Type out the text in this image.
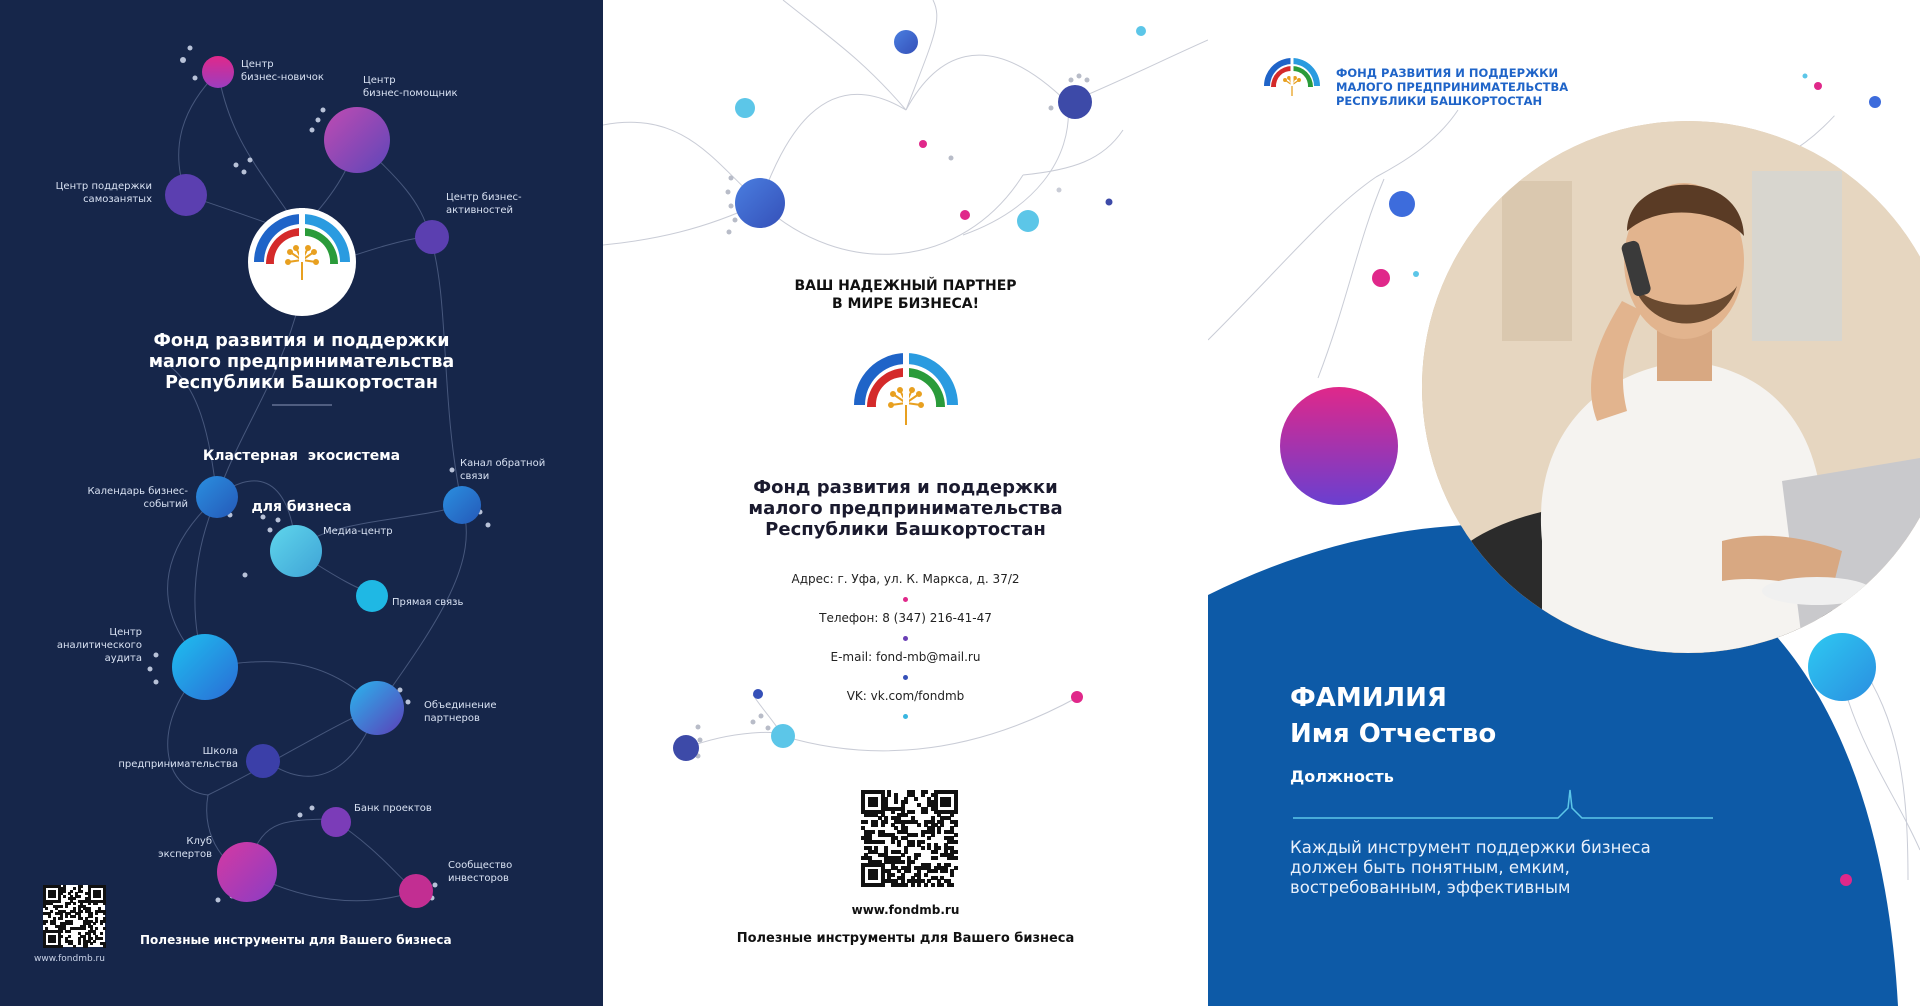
Центр
бизнес-новичок	Центр
бизнес-помощник
Центр поддержки
самозанятых	Центр бизнес-
активностей
Календарь бизнес-
событий
Канал обратной
связи
Медиа-центр
Прямая связь
Центр
аналитического
аудита
Объединение
партнеров
Школа
предпринимательства
Банк проектов
Клуб
экспертов
Сообщество
инвесторов
Фонд развития и поддержки
малого предпринимательства
Республики Башкортостан

Кластерная  экосистема

для бизнеса

www.fondmb.ru
Полезные инструменты для Вашего бизнеса
ВАШ НАДЕЖНЫЙ ПАРТНЕР
В МИРЕ БИЗНЕСА!
Фонд развития и поддержки
малого предпринимательства
Республики Башкортостан
Адрес: г. Уфа, ул. К. Маркса, д. 37/2
Телефон: 8 (347) 216-41-47
E-mail: fond-mb@mail.ru
VK: vk.com/fondmb
www.fondmb.ru
Полезные инструменты для Вашего бизнеса
ФОНД РАЗВИТИЯ И ПОДДЕРЖКИ
МАЛОГО ПРЕДПРИНИМАТЕЛЬСТВА
РЕСПУБЛИКИ БАШКОРТОСТАН
ФАМИЛИЯ
Имя Отчество
Должность
Каждый инструмент поддержки бизнеса
должен быть понятным, емким,
востребованным, эффективным
